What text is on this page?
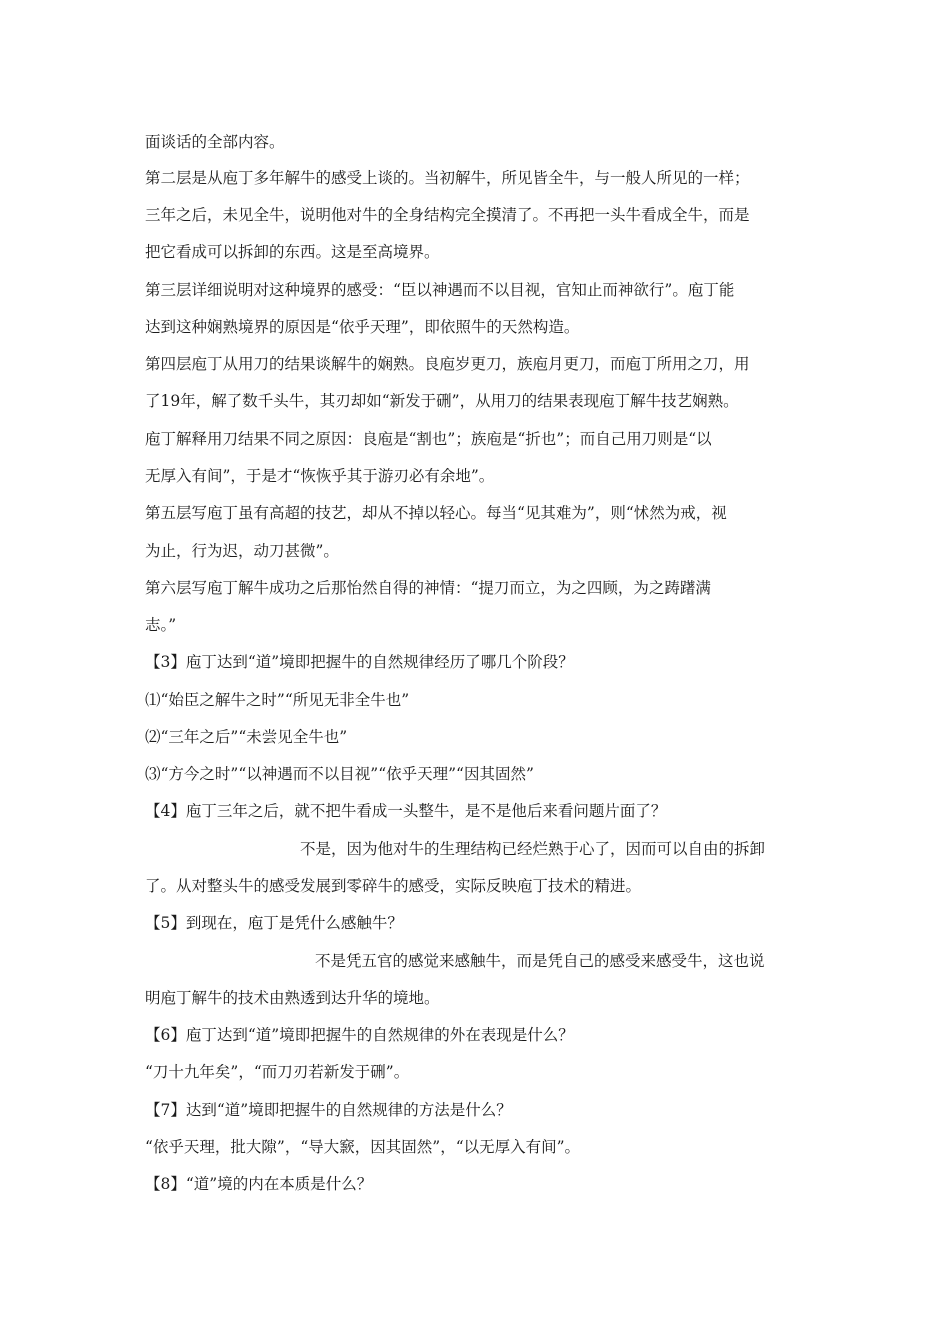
面谈话的全部内容。
第二层是从庖丁多年解牛的感受上谈的。当初解牛，所见皆全牛，与一般人所见的一样；
三年之后，未见全牛，说明他对牛的全身结构完全摸清了。不再把一头牛看成全牛，而是
把它看成可以拆卸的东西。这是至高境界。
第三层详细说明对这种境界的感受：“臣以神遇而不以目视，官知止而神欲行”。庖丁能
达到这种娴熟境界的原因是“依乎天理”，即依照牛的天然构造。
第四层庖丁从用刀的结果谈解牛的娴熟。良庖岁更刀，族庖月更刀，而庖丁所用之刀，用
了19年，解了数千头牛，其刃却如“新发于硎”，从用刀的结果表现庖丁解牛技艺娴熟。
庖丁解释用刀结果不同之原因：良庖是“割也”；族庖是“折也”；而自己用刀则是“以
无厚入有间”，于是才“恢恢乎其于游刃必有余地”。
第五层写庖丁虽有高超的技艺，却从不掉以轻心。每当“见其难为”，则“怵然为戒，视
为止，行为迟，动刀甚微”。
第六层写庖丁解牛成功之后那怡然自得的神情：“提刀而立，为之四顾，为之踌躇满
志。”
【3】庖丁达到“道”境即把握牛的自然规律经历了哪几个阶段？
⑴“始臣之解牛之时”“所见无非全牛也”
⑵“三年之后”“未尝见全牛也”
⑶“方今之时”“以神遇而不以目视”“依乎天理”“因其固然”
【4】庖丁三年之后，就不把牛看成一头整牛，是不是他后来看问题片面了？
不是，因为他对牛的生理结构已经烂熟于心了，因而可以自由的拆卸
了。从对整头牛的感受发展到零碎牛的感受，实际反映庖丁技术的精进。
【5】到现在，庖丁是凭什么感触牛？
不是凭五官的感觉来感触牛，而是凭自己的感受来感受牛，这也说
明庖丁解牛的技术由熟透到达升华的境地。
【6】庖丁达到“道”境即把握牛的自然规律的外在表现是什么？
“刀十九年矣”，“而刀刃若新发于硎”。
【7】达到“道”境即把握牛的自然规律的方法是什么？
“依乎天理，批大隙”，“导大窾，因其固然”，“以无厚入有间”。
【8】“道”境的内在本质是什么？
